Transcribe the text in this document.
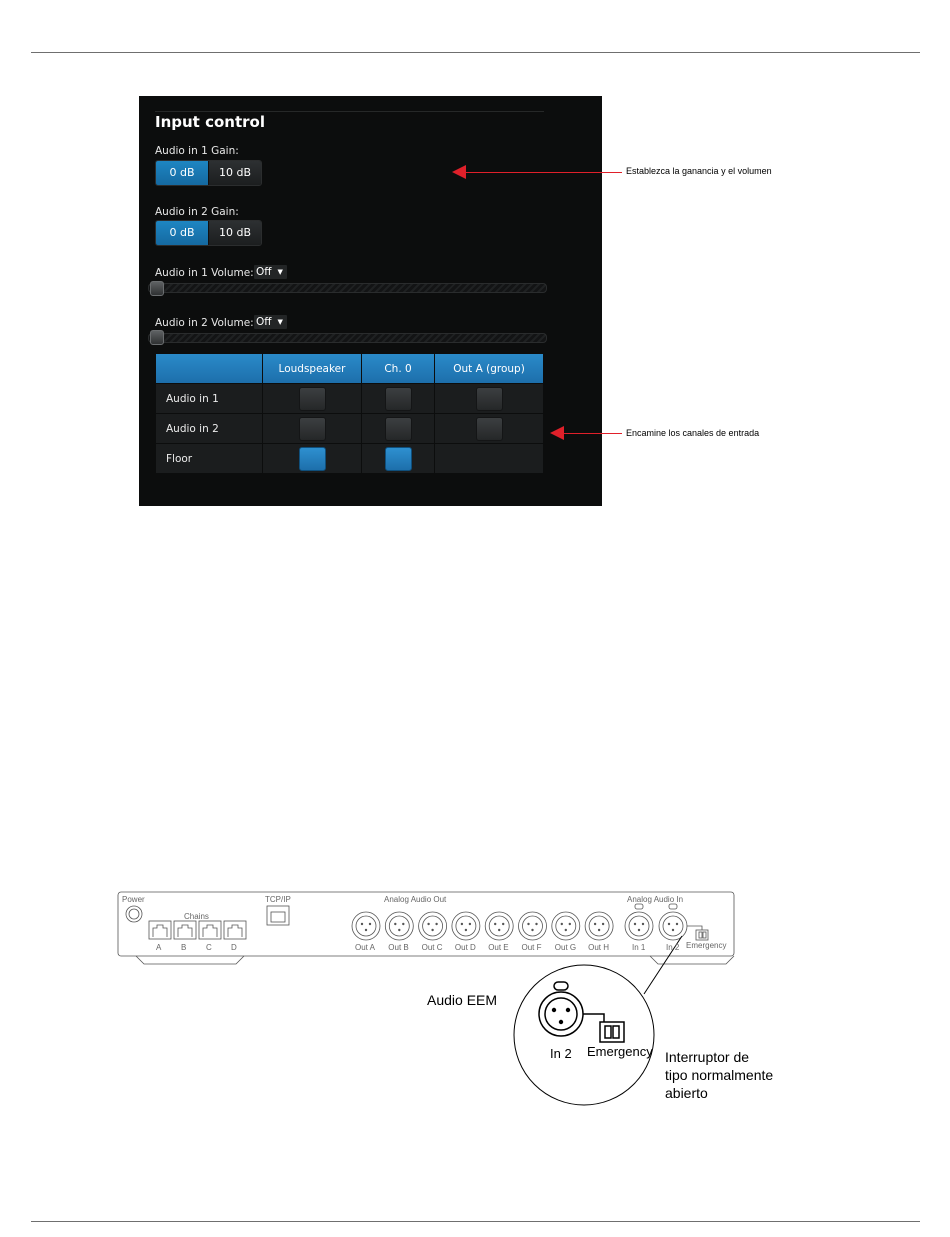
Input control
Audio in 1 Gain:
0 dB	10 dB
Audio in 2 Gain:
0 dB	10 dB
Audio in 1 Volume: Off ▼
Audio in 2 Volume: Off ▼
	Loudspeaker	Ch. 0	Out A (group)
Audio in 1			
Audio in 2			
Floor			
Establezca la ganancia y el volumen
Encamine los canales de entrada
Power
Chains
A B C D
TCP/IP	Analog Audio Out
Out A Out B Out C Out D Out E Out F Out G Out H
Analog Audio In
In 1	In 2 Emergency
In 2 Emergency
Audio EEM
Interruptor de
tipo normalmente
abierto
